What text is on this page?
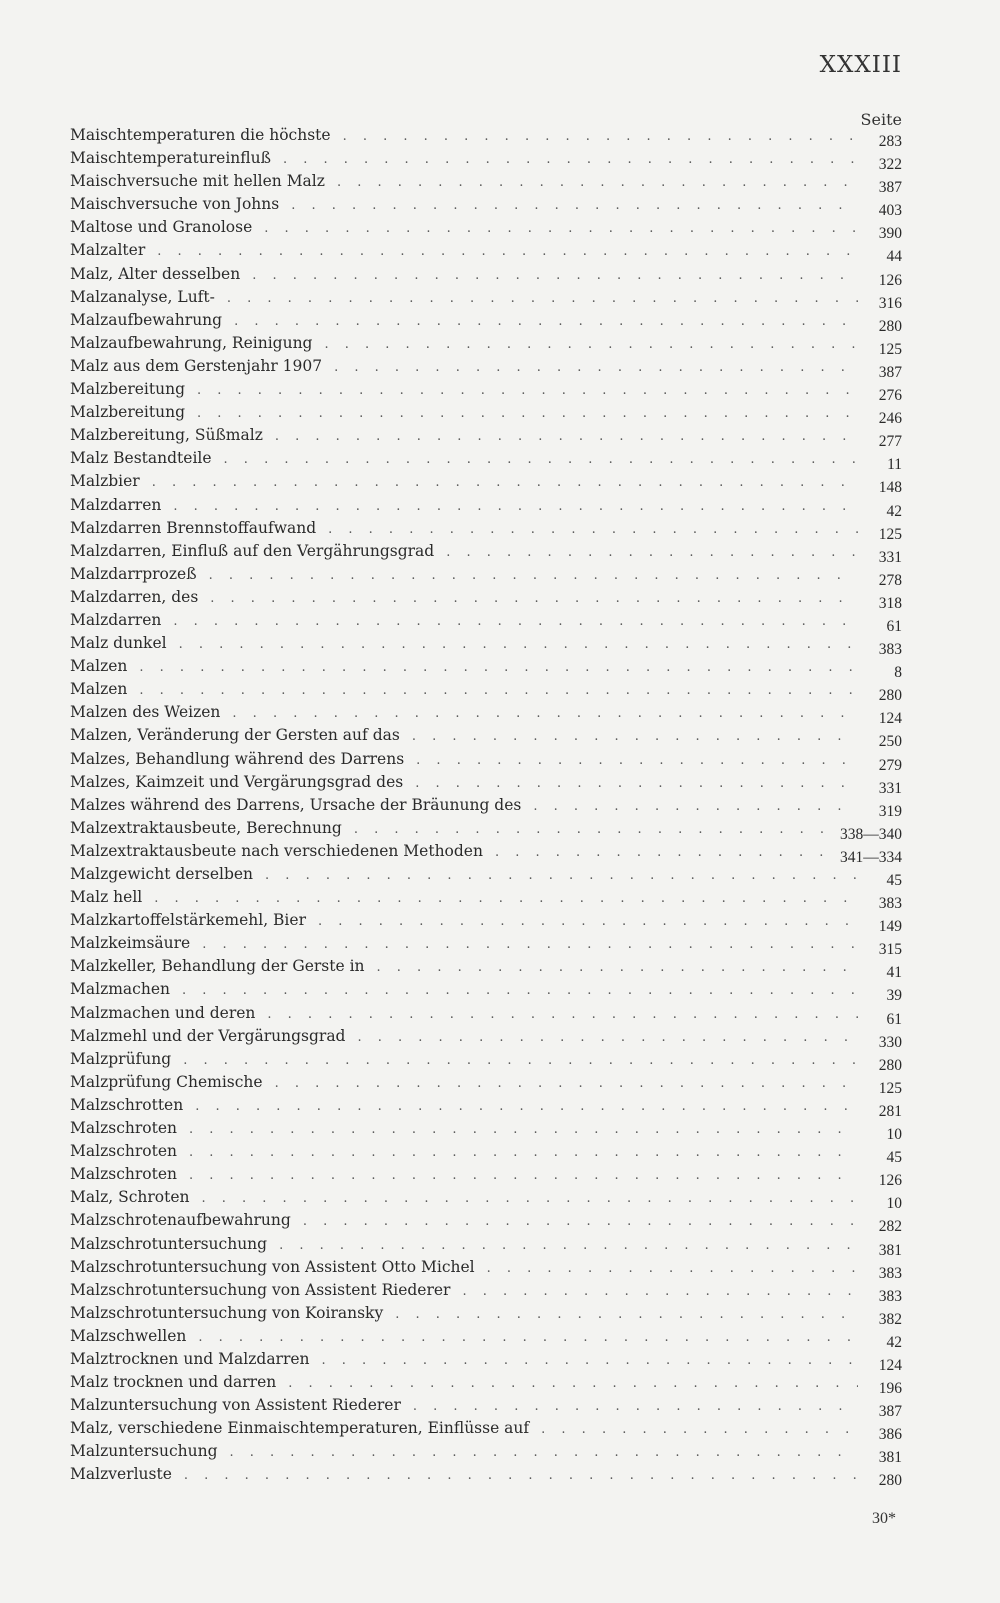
XXXIII
Seite
Maischtemperaturen die höchste . . .	283
Maischtemperatureinfluß . . .	322
Maischversuche mit hellen Malz . . .	387
Maischversuche von Johns . . .	403
Maltose und Granolose . . .	390
Malzalter . . .	44
Malz, Alter desselben . . .	126
Malzanalyse, Luft- . . .	316
Malzaufbewahrung . . .	280
Malzaufbewahrung, Reinigung . . .	125
Malz aus dem Gerstenjahr 1907 . . .	387
Malzbereitung . . .	276
Malzbereitung . . .	246
Malzbereitung, Süßmalz . . .	277
Malz Bestandteile . . .	11
Malzbier . . .	148
Malzdarren . . .	42
Malzdarren Brennstoffaufwand . . .	125
Malzdarren, Einfluß auf den Vergährungsgrad . . .	331
Malzdarrprozeß . . .	278
Malzdarren, des . . .	318
Malzdarren . . .	61
Malz dunkel . . .	383
Malzen . . .	8
Malzen . . .	280
Malzen des Weizen . . .	124
Malzen, Veränderung der Gersten auf das . . .	250
Malzes, Behandlung während des Darrens . . .	279
Malzes, Kaimzeit und Vergärungsgrad des . . .	331
Malzes während des Darrens, Ursache der Bräunung des . . .	319
Malzextraktausbeute, Berechnung . . .	338—340
Malzextraktausbeute nach verschiedenen Methoden . . .	341—334
Malzgewicht derselben . . .	45
Malz hell . . .	383
Malzkartoffelstärkemehl, Bier . . .	149
Malzkeimsäure . . .	315
Malzkeller, Behandlung der Gerste in . . .	41
Malzmachen . . .	39
Malzmachen und deren . . .	61
Malzmehl und der Vergärungsgrad . . .	330
Malzprüfung . . .	280
Malzprüfung Chemische . . .	125
Malzschrotten . . .	281
Malzschroten . . .	10
Malzschroten . . .	45
Malzschroten . . .	126
Malz, Schroten . . .	10
Malzschrotenaufbewahrung . . .	282
Malzschrotuntersuchung . . .	381
Malzschrotuntersuchung von Assistent Otto Michel . . .	383
Malzschrotuntersuchung von Assistent Riederer . . .	383
Malzschrotuntersuchung von Koiransky . . .	382
Malzschwellen . . .	42
Malztrocknen und Malzdarren . . .	124
Malz trocknen und darren . . .	196
Malzuntersuchung von Assistent Riederer . . .	387
Malz, verschiedene Einmaischtemperaturen, Einflüsse auf . . .	386
Malzuntersuchung . . .	381
Malzverluste . . .	280
30*
